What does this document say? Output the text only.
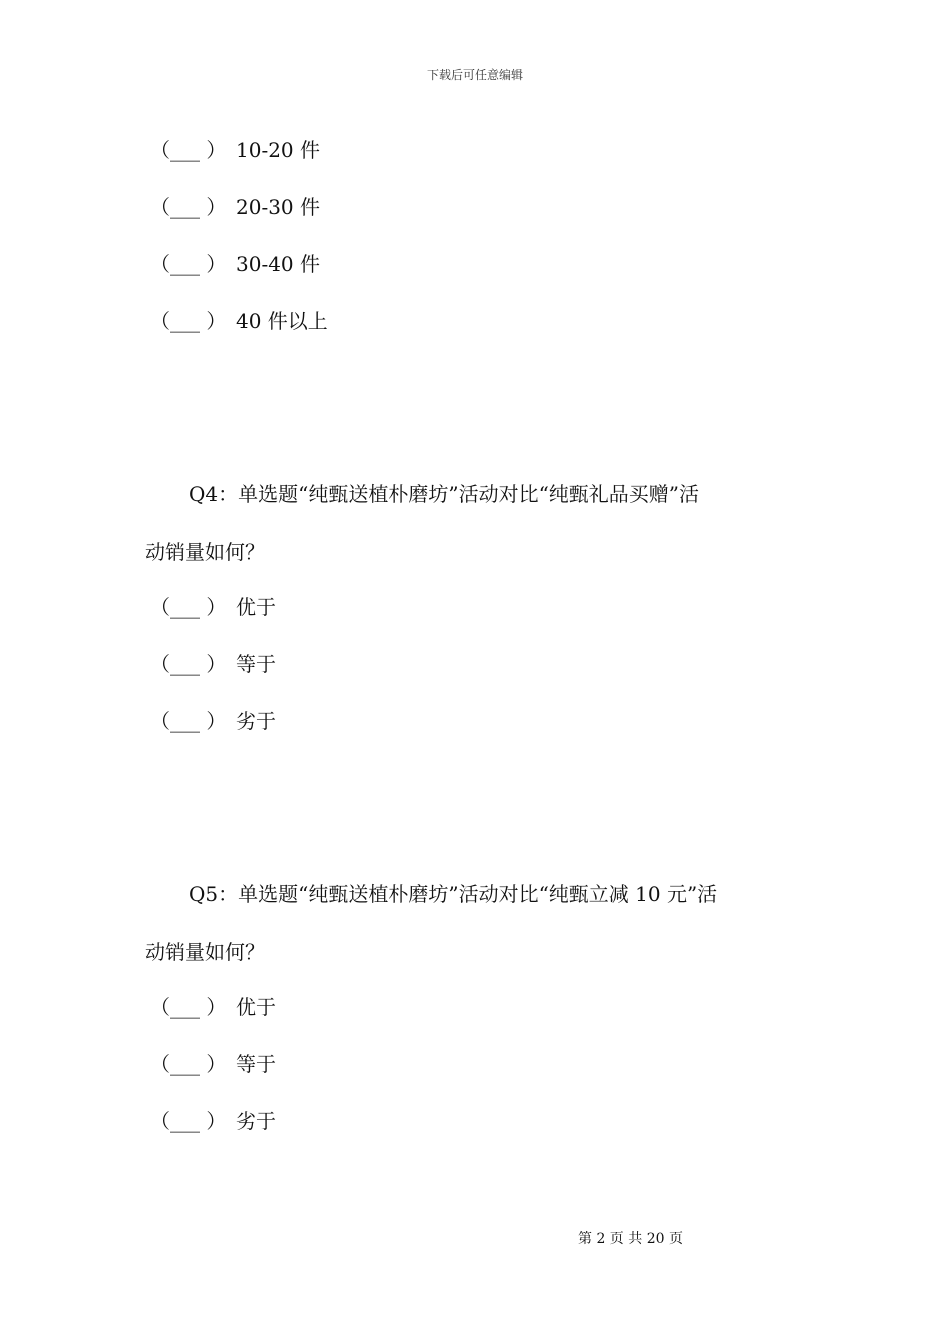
下载后可任意编辑
（___ ） 10-20 件
（___ ） 20-30 件
（___ ） 30-40 件
（___ ） 40 件以上
Q4：单选题“纯甄送植朴磨坊”活动对比“纯甄礼品买赠”活
动销量如何？
（___ ） 优于
（___ ） 等于
（___ ） 劣于
Q5：单选题“纯甄送植朴磨坊”活动对比“纯甄立减 10 元”活
动销量如何？
（___ ） 优于
（___ ） 等于
（___ ） 劣于
第 2 页 共 20 页
